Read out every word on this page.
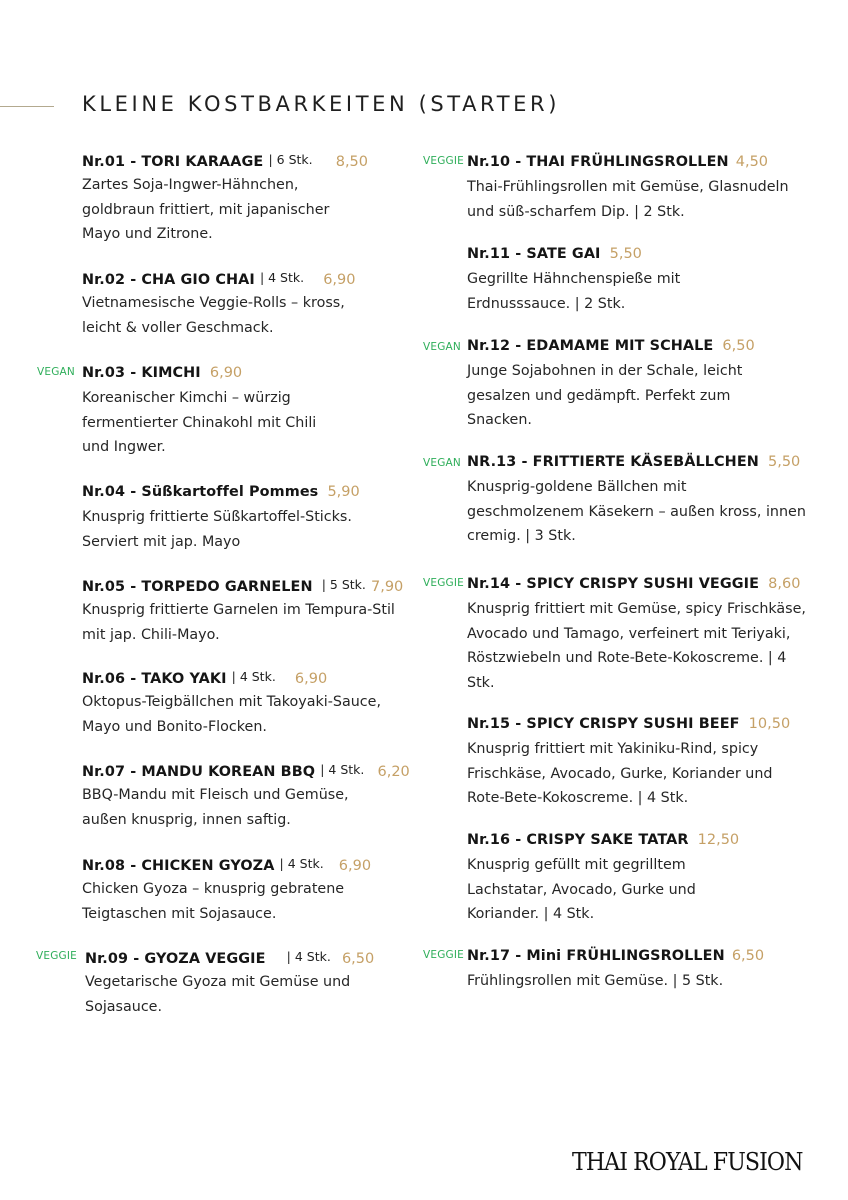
KLEINE KOSTBARKEITEN (STARTER)
Nr.01 - TORI KARAAGE | 6 Stk. 8,50
Zartes Soja-Ingwer-Hähnchen, goldbraun frittiert, mit japanischer Mayo und Zitrone.
Nr.02 - CHA GIO CHAI | 4 Stk. 6,90
Vietnamesische Veggie-Rolls – kross, leicht & voller Geschmack.
VEGAN Nr.03 - KIMCHI 6,90
Koreanischer Kimchi – würzig fermentierter Chinakohl mit Chili und Ingwer.
Nr.04 - Süßkartoffel Pommes 5,90
Knusprig frittierte Süßkartoffel-Sticks. Serviert mit jap. Mayo
Nr.05 - TORPEDO GARNELEN | 5 Stk. 7,90
Knusprig frittierte Garnelen im Tempura-Stil mit jap. Chili-Mayo.
Nr.06 - TAKO YAKI | 4 Stk. 6,90
Oktopus-Teigbällchen mit Takoyaki-Sauce, Mayo und Bonito-Flocken.
Nr.07 - MANDU KOREAN BBQ | 4 Stk. 6,20
BBQ-Mandu mit Fleisch und Gemüse, außen knusprig, innen saftig.
Nr.08 - CHICKEN GYOZA | 4 Stk. 6,90
Chicken Gyoza – knusprig gebratene Teigtaschen mit Sojasauce.
VEGGIE Nr.09 - GYOZA VEGGIE | 4 Stk. 6,50
Vegetarische Gyoza mit Gemüse und Sojasauce.
VEGGIE Nr.10 - THAI FRÜHLINGSROLLEN 4,50
Thai-Frühlingsrollen mit Gemüse, Glasnudeln und süß-scharfem Dip. | 2 Stk.
Nr.11 - SATE GAI 5,50
Gegrillte Hähnchenspieße mit Erdnusssauce. | 2 Stk.
VEGAN Nr.12 - EDAMAME MIT SCHALE 6,50
Junge Sojabohnen in der Schale, leicht gesalzen und gedämpft. Perfekt zum Snacken.
VEGAN NR.13 - FRITTIERTE KÄSEBÄLLCHEN 5,50
Knusprig-goldene Bällchen mit geschmolzenem Käsekern – außen kross, innen cremig. | 3 Stk.
VEGGIE Nr.14 - SPICY CRISPY SUSHI VEGGIE 8,60
Knusprig frittiert mit Gemüse, spicy Frischkäse, Avocado und Tamago, verfeinert mit Teriyaki, Röstzwiebeln und Rote-Bete-Kokoscreme. | 4 Stk.
Nr.15 - SPICY CRISPY SUSHI BEEF 10,50
Knusprig frittiert mit Yakiniku-Rind, spicy Frischkäse, Avocado, Gurke, Koriander und Rote-Bete-Kokoscreme. | 4 Stk.
Nr.16 - CRISPY SAKE TATAR 12,50
Knusprig gefüllt mit gegrilltem Lachstatar, Avocado, Gurke und Koriander. | 4 Stk.
VEGGIE Nr.17 - Mini FRÜHLINGSROLLEN 6,50
Frühlingsrollen mit Gemüse. | 5 Stk.

THAI ROYAL FUSION
